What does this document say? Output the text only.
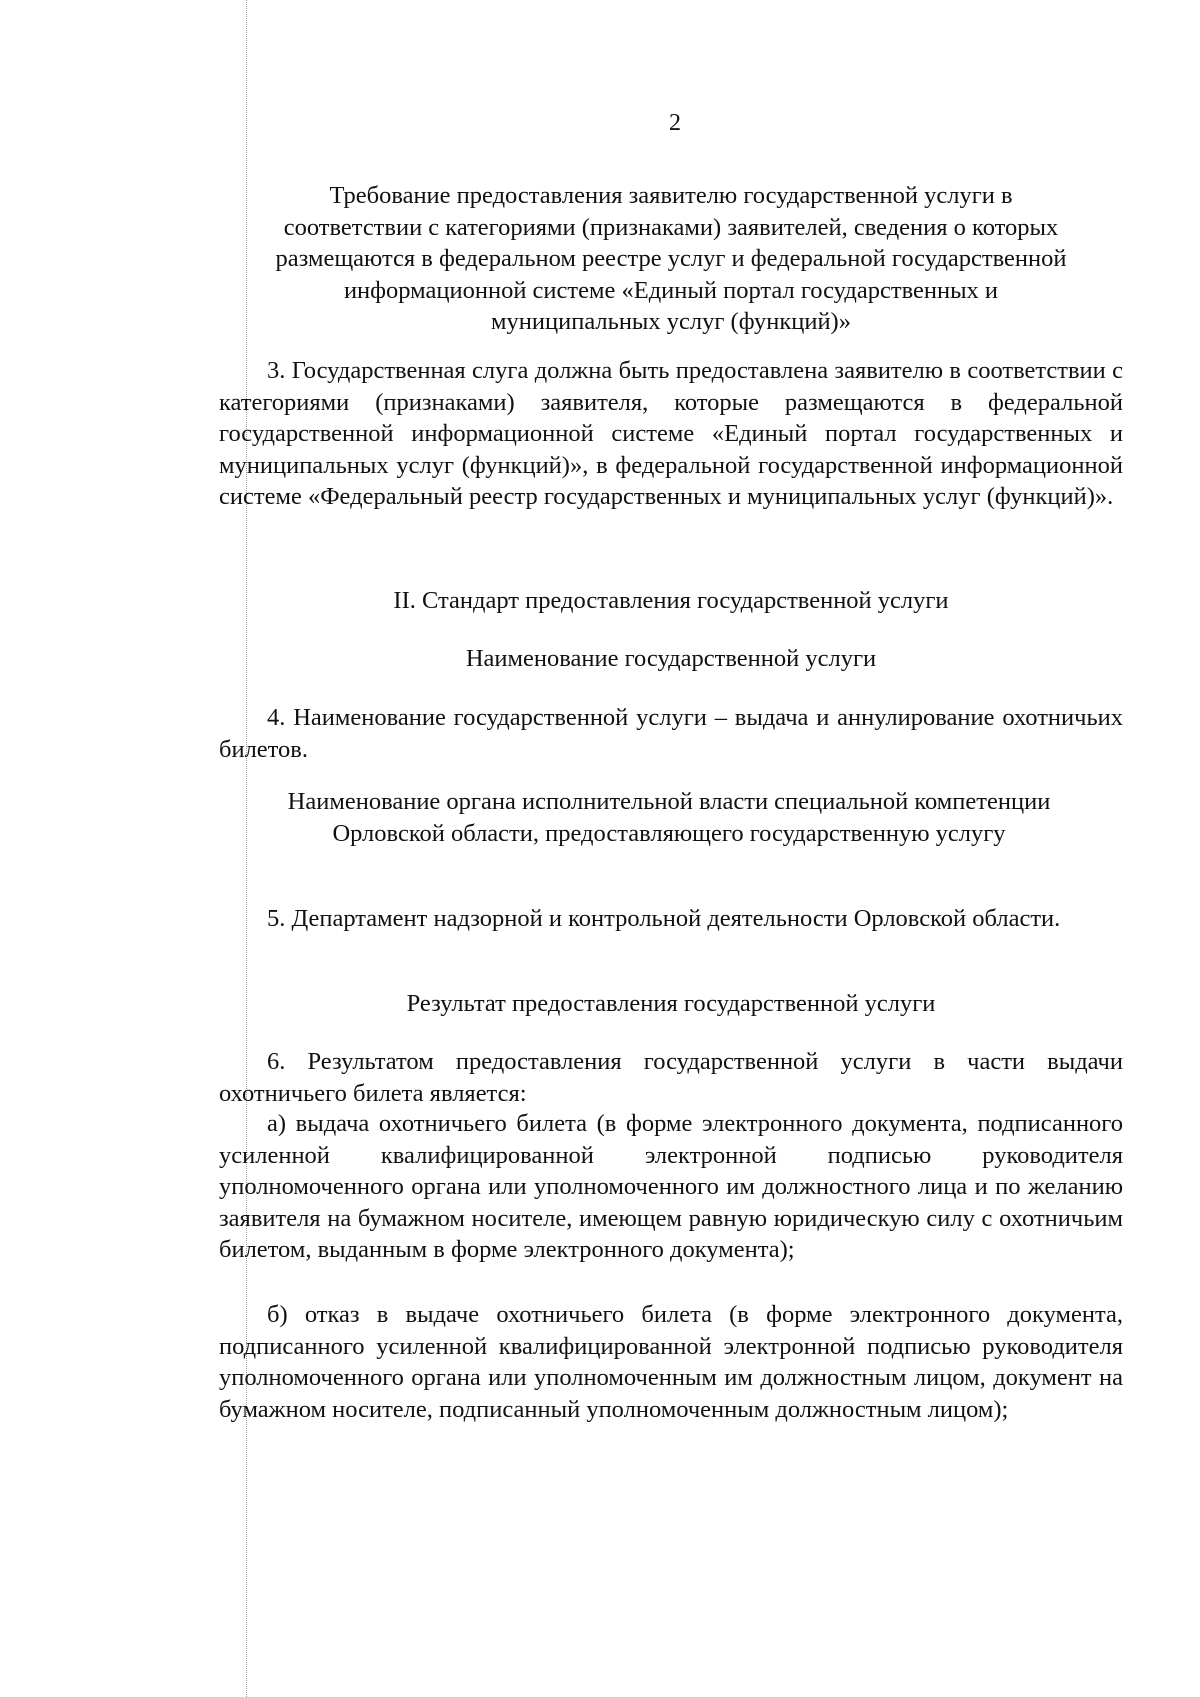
2
Требование предоставления заявителю государственной услуги в соответствии с категориями (признаками) заявителей, сведения о которых размещаются в федеральном реестре услуг и федеральной государственной информационной системе «Единый портал государственных и муниципальных услуг (функций)»

3. Государственная слуга должна быть предоставлена заявителю в соответствии с категориями (признаками) заявителя, которые размещаются в федеральной государственной информационной системе «Единый портал государственных и муниципальных услуг (функций)», в федеральной государственной информационной системе «Федеральный реестр государственных и муниципальных услуг (функций)».

II. Стандарт предоставления государственной услуги
Наименование государственной услуги

4. Наименование государственной услуги – выдача и аннулирование охотничьих билетов.

Наименование органа исполнительной власти специальной компетенции Орловской области, предоставляющего государственную услугу

5. Департамент надзорной и контрольной деятельности Орловской области.

Результат предоставления государственной услуги

6. Результатом предоставления государственной услуги в части выдачи охотничьего билета является:

а) выдача охотничьего билета (в форме электронного документа, подписанного усиленной квалифицированной электронной подписью руководителя уполномоченного органа или уполномоченного им должностного лица и по желанию заявителя на бумажном носителе, имеющем равную юридическую силу с охотничьим билетом, выданным в форме электронного документа);

б) отказ в выдаче охотничьего билета (в форме электронного документа, подписанного усиленной квалифицированной электронной подписью руководителя уполномоченного органа или уполномоченным им должностным лицом, документ на бумажном носителе, подписанный уполномоченным должностным лицом);
